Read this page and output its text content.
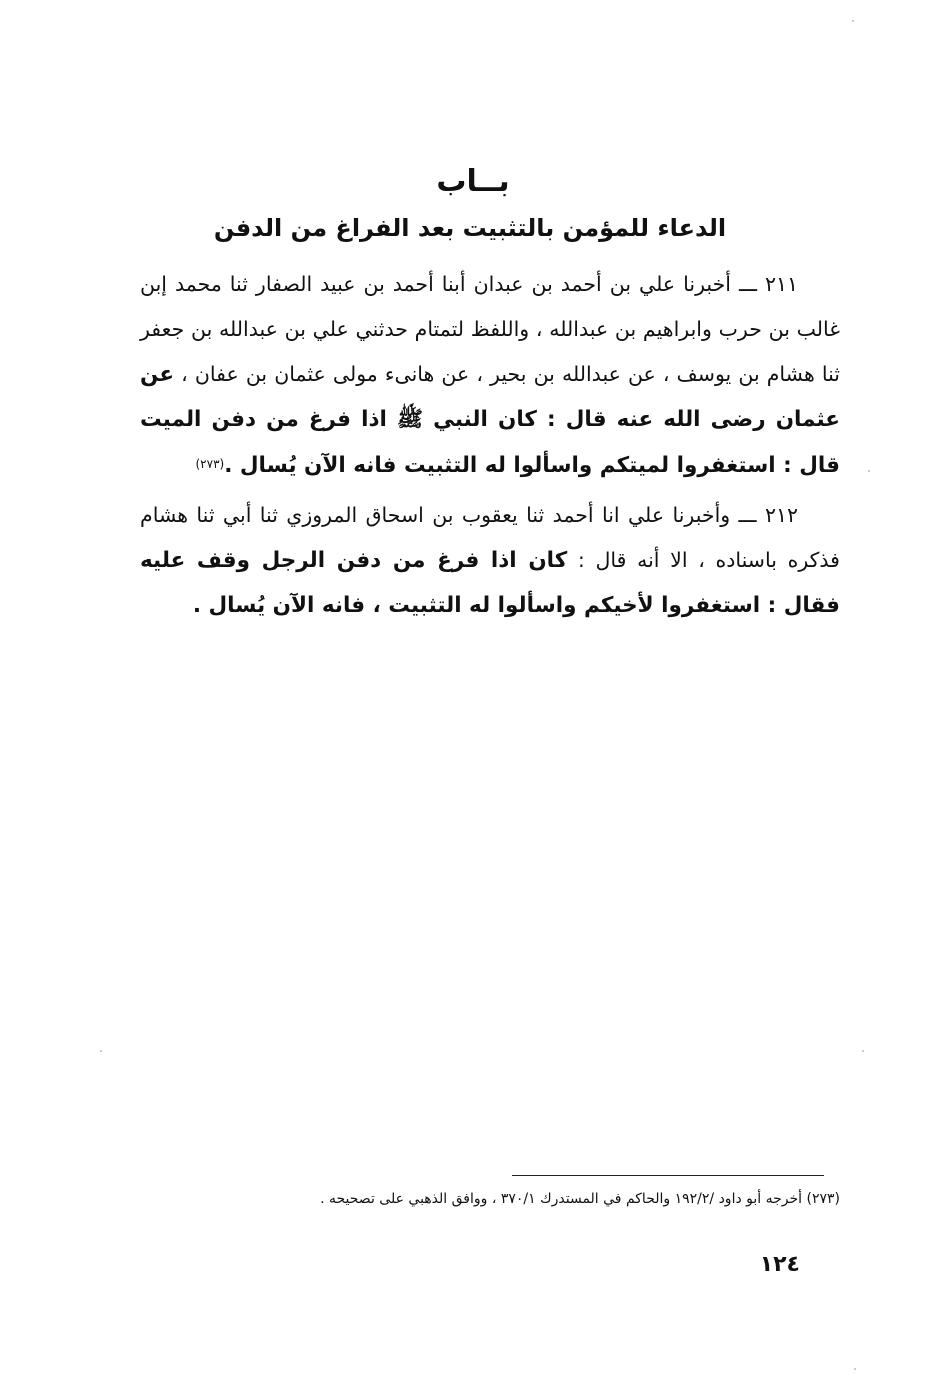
بــاب
الدعاء للمؤمن بالتثبيت بعد الفراغ من الدفن
٢١١ ـــ أخبرنا علي بن أحمد بن عبدان أبنا أحمد بن عبيد الصفار ثنا محمد إبن غالب بن حرب وابراهيم بن عبدالله ، واللفظ لتمتام حدثني علي بن عبدالله بن جعفر ثنا هشام بن يوسف ، عن عبدالله بن بحير ، عن هانىء مولى عثمان بن عفان ، عن عثمان رضى الله عنه قال : كان النبي ﷺ اذا فرغ من دفن الميت قال : استغفروا لميتكم واسألوا له التثبيت فانه الآن يُسال .(٢٧٣)
٢١٢ ـــ وأخبرنا علي انا أحمد ثنا يعقوب بن اسحاق المروزي ثنا أبي ثنا هشام فذكره باسناده ، الا أنه قال : كان اذا فرغ من دفن الرجل وقف عليه فقال : استغفروا لأخيكم واسألوا له التثبيت ، فانه الآن يُسال .
(٢٧٣) أخرجه أبو داود /١٩٢/٢ والحاكم في المستدرك ٣٧٠/١ ، ووافق الذهبي على تصحيحه .
١٢٤
